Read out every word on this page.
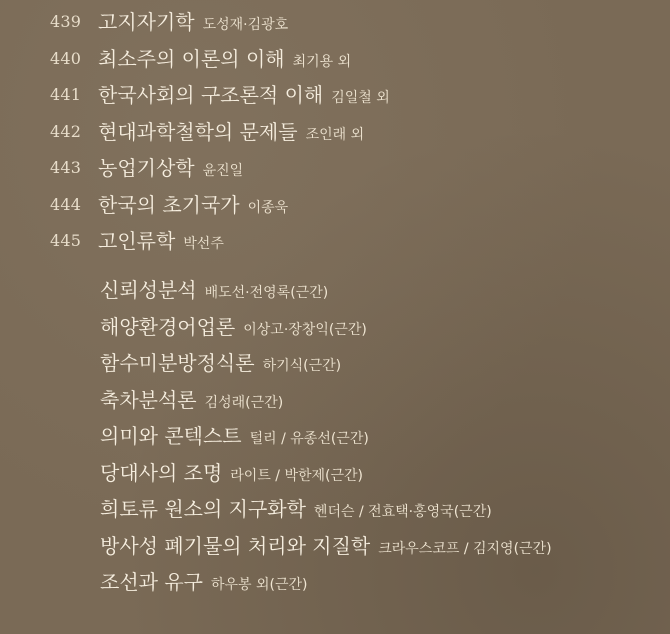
439 고지자기학 도성재·김광호
440 최소주의 이론의 이해 최기용 외
441 한국사회의 구조론적 이해 김일철 외
442 현대과학철학의 문제들 조인래 외
443 농업기상학 윤진일
444 한국의 초기국가 이종욱
445 고인류학 박선주
신뢰성분석 배도선·전영록(근간)
해양환경어업론 이상고·장창익(근간)
함수미분방정식론 하기식(근간)
축차분석론 김성래(근간)
의미와 콘텍스트 털리 / 유종선(근간)
당대사의 조명 라이트 / 박한제(근간)
희토류 원소의 지구화학 헨더슨 / 전효택·홍영국(근간)
방사성 폐기물의 처리와 지질학 크라우스코프 / 김지영(근간)
조선과 유구 하우봉 외(근간)
